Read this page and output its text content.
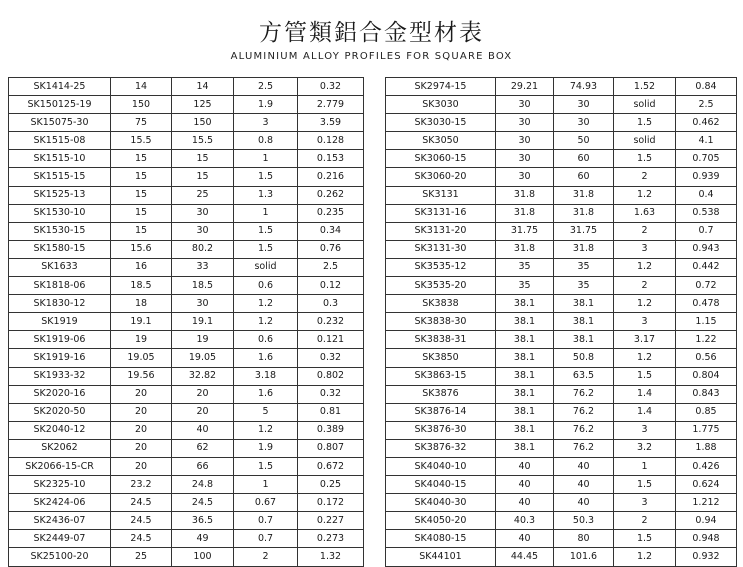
方管類鋁合金型材表
ALUMINIUM ALLOY PROFILES FOR SQUARE BOX
SK1414-25	14	14	2.5	0.32
SK150125-19	150	125	1.9	2.779
SK15075-30	75	150	3	3.59
SK1515-08	15.5	15.5	0.8	0.128
SK1515-10	15	15	1	0.153
SK1515-15	15	15	1.5	0.216
SK1525-13	15	25	1.3	0.262
SK1530-10	15	30	1	0.235
SK1530-15	15	30	1.5	0.34
SK1580-15	15.6	80.2	1.5	0.76
SK1633	16	33	solid	2.5
SK1818-06	18.5	18.5	0.6	0.12
SK1830-12	18	30	1.2	0.3
SK1919	19.1	19.1	1.2	0.232
SK1919-06	19	19	0.6	0.121
SK1919-16	19.05	19.05	1.6	0.32
SK1933-32	19.56	32.82	3.18	0.802
SK2020-16	20	20	1.6	0.32
SK2020-50	20	20	5	0.81
SK2040-12	20	40	1.2	0.389
SK2062	20	62	1.9	0.807
SK2066-15-CR	20	66	1.5	0.672
SK2325-10	23.2	24.8	1	0.25
SK2424-06	24.5	24.5	0.67	0.172
SK2436-07	24.5	36.5	0.7	0.227
SK2449-07	24.5	49	0.7	0.273
SK25100-20	25	100	2	1.32
SK2974-15	29.21	74.93	1.52	0.84
SK3030	30	30	solid	2.5
SK3030-15	30	30	1.5	0.462
SK3050	30	50	solid	4.1
SK3060-15	30	60	1.5	0.705
SK3060-20	30	60	2	0.939
SK3131	31.8	31.8	1.2	0.4
SK3131-16	31.8	31.8	1.63	0.538
SK3131-20	31.75	31.75	2	0.7
SK3131-30	31.8	31.8	3	0.943
SK3535-12	35	35	1.2	0.442
SK3535-20	35	35	2	0.72
SK3838	38.1	38.1	1.2	0.478
SK3838-30	38.1	38.1	3	1.15
SK3838-31	38.1	38.1	3.17	1.22
SK3850	38.1	50.8	1.2	0.56
SK3863-15	38.1	63.5	1.5	0.804
SK3876	38.1	76.2	1.4	0.843
SK3876-14	38.1	76.2	1.4	0.85
SK3876-30	38.1	76.2	3	1.775
SK3876-32	38.1	76.2	3.2	1.88
SK4040-10	40	40	1	0.426
SK4040-15	40	40	1.5	0.624
SK4040-30	40	40	3	1.212
SK4050-20	40.3	50.3	2	0.94
SK4080-15	40	80	1.5	0.948
SK44101	44.45	101.6	1.2	0.932
